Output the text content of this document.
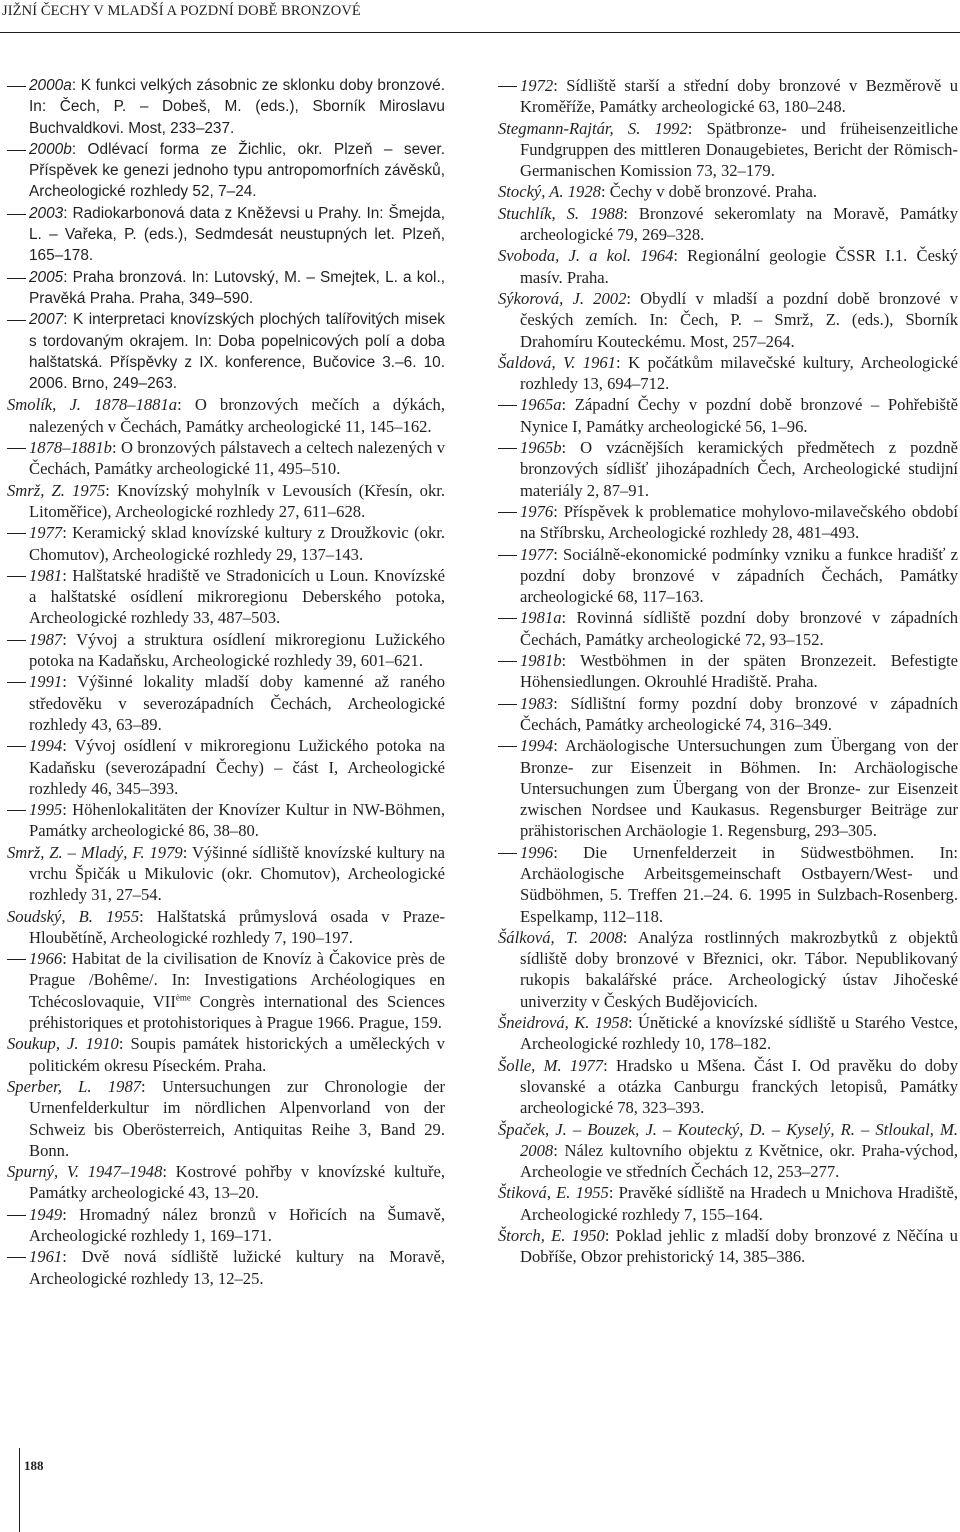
JIŽNÍ ČECHY V MLADŠÍ A POZDNÍ DOBĚ BRONZOVÉ

2000a: K funkci velkých zásobnic ze sklonku doby bronzové. In: Čech, P. – Dobeš, M. (eds.), Sborník Miroslavu Buchvaldkovi. Most, 233–237.

2000b: Odlévací forma ze Žichlic, okr. Plzeň – sever. Příspěvek ke genezi jednoho typu antropomorfních závěsků, Archeologické rozhledy 52, 7–24.

2003: Radiokarbonová data z Kněževsi u Prahy. In: Šmejda, L. – Vařeka, P. (eds.), Sedmdesát neustupných let. Plzeň, 165–178.

2005: Praha bronzová. In: Lutovský, M. – Smejtek, L. a kol., Pravěká Praha. Praha, 349–590.

2007: K interpretaci knovízských plochých talířovitých misek s tordovaným okrajem. In: Doba popelnicových polí a doba halštatská. Příspěvky z IX. konference, Bučovice 3.–6. 10. 2006. Brno, 249–263.

Smolík, J. 1878–1881a: O bronzových mečích a dýkách, nalezených v Čechách, Památky archeologické 11, 145–162.

1878–1881b: O bronzových pálstavech a celtech nalezených v Čechách, Památky archeologické 11, 495–510.

Smrž, Z. 1975: Knovízský mohylník v Levousích (Křesín, okr. Litoměřice), Archeologické rozhledy 27, 611–628.

1977: Keramický sklad knovízské kultury z Droužkovic (okr. Chomutov), Archeologické rozhledy 29, 137–143.

1981: Halštatské hradiště ve Stradonicích u Loun. Knovízské a halštatské osídlení mikroregionu Deberského potoka, Archeologické rozhledy 33, 487–503.

1987: Vývoj a struktura osídlení mikroregionu Lužického potoka na Kadaňsku, Archeologické rozhledy 39, 601–621.

1991: Výšinné lokality mladší doby kamenné až raného středověku v severozápadních Čechách, Archeologické rozhledy 43, 63–89.

1994: Vývoj osídlení v mikroregionu Lužického potoka na Kadaňsku (severozápadní Čechy) – část I, Archeologické rozhledy 46, 345–393.

1995: Höhenlokalitäten der Knovízer Kultur in NW-Böhmen, Památky archeologické 86, 38–80.

Smrž, Z. – Mladý, F. 1979: Výšinné sídliště knovízské kultury na vrchu Špičák u Mikulovic (okr. Chomutov), Archeologické rozhledy 31, 27–54.

Soudský, B. 1955: Halštatská průmyslová osada v Praze-Hloubětíně, Archeologické rozhledy 7, 190–197.

1966: Habitat de la civilisation de Knovíz à Čakovice près de Prague /Bohême/. In: Investigations Archéologiques en Tchécoslovaquie, VIIème Congrès international des Sciences préhistoriques et protohistoriques à Prague 1966. Prague, 159.

Soukup, J. 1910: Soupis památek historických a uměleckých v politickém okresu Píseckém. Praha.

Sperber, L. 1987: Untersuchungen zur Chronologie der Urnenfelderkultur im nördlichen Alpenvorland von der Schweiz bis Oberösterreich, Antiquitas Reihe 3, Band 29. Bonn.

Spurný, V. 1947–1948: Kostrové pohřby v knovízské kultuře, Památky archeologické 43, 13–20.

1949: Hromadný nález bronzů v Hořicích na Šumavě, Archeologické rozhledy 1, 169–171.

1961: Dvě nová sídliště lužické kultury na Moravě, Archeologické rozhledy 13, 12–25.

1972: Sídliště starší a střední doby bronzové v Bezměrově u Kroměříže, Památky archeologické 63, 180–248.

Stegmann-Rajtár, S. 1992: Spätbronze- und früheisenzeitliche Fundgruppen des mittleren Donaugebietes, Bericht der Römisch-Germanischen Komission 73, 32–179.

Stocký, A. 1928: Čechy v době bronzové. Praha.

Stuchlík, S. 1988: Bronzové sekeromlaty na Moravě, Památky archeologické 79, 269–328.

Svoboda, J. a kol. 1964: Regionální geologie ČSSR I.1. Český masív. Praha.

Sýkorová, J. 2002: Obydlí v mladší a pozdní době bronzové v českých zemích. In: Čech, P. – Smrž, Z. (eds.), Sborník Drahomíru Kouteckému. Most, 257–264.

Šaldová, V. 1961: K počátkům milavečské kultury, Archeologické rozhledy 13, 694–712.

1965a: Západní Čechy v pozdní době bronzové – Pohřebiště Nynice I, Památky archeologické 56, 1–96.

1965b: O vzácnějších keramických předmětech z pozdně bronzových sídlišť jihozápadních Čech, Archeologické studijní materiály 2, 87–91.

1976: Příspěvek k problematice mohylovo-milavečského období na Stříbrsku, Archeologické rozhledy 28, 481–493.

1977: Sociálně-ekonomické podmínky vzniku a funkce hradišť z pozdní doby bronzové v západních Čechách, Památky archeologické 68, 117–163.

1981a: Rovinná sídliště pozdní doby bronzové v západních Čechách, Památky archeologické 72, 93–152.

1981b: Westböhmen in der späten Bronzezeit. Befestigte Höhensiedlungen. Okrouhlé Hradiště. Praha.

1983: Sídlištní formy pozdní doby bronzové v západních Čechách, Památky archeologické 74, 316–349.

1994: Archäologische Untersuchungen zum Übergang von der Bronze- zur Eisenzeit in Böhmen. In: Archäologische Untersuchungen zum Übergang von der Bronze- zur Eisenzeit zwischen Nordsee und Kaukasus. Regensburger Beiträge zur prähistorischen Archäologie 1. Regensburg, 293–305.

1996: Die Urnenfelderzeit in Südwestböhmen. In: Archäologische Arbeitsgemeinschaft Ostbayern/West- und Südböhmen, 5. Treffen 21.–24. 6. 1995 in Sulzbach-Rosenberg. Espelkamp, 112–118.

Šálková, T. 2008: Analýza rostlinných makrozbytků z objektů sídliště doby bronzové v Březnici, okr. Tábor. Nepublikovaný rukopis bakalářské práce. Archeologický ústav Jihočeské univerzity v Českých Budějovicích.

Šneidrová, K. 1958: Únětické a knovízské sídliště u Starého Vestce, Archeologické rozhledy 10, 178–182.

Šolle, M. 1977: Hradsko u Mšena. Část I. Od pravěku do doby slovanské a otázka Canburgu franckých letopisů, Památky archeologické 78, 323–393.

Špaček, J. – Bouzek, J. – Koutecký, D. – Kyselý, R. – Stloukal, M. 2008: Nález kultovního objektu z Květnice, okr. Praha-východ, Archeologie ve středních Čechách 12, 253–277.

Štiková, E. 1955: Pravěké sídliště na Hradech u Mnichova Hradiště, Archeologické rozhledy 7, 155–164.

Štorch, E. 1950: Poklad jehlic z mladší doby bronzové z Něčína u Dobříše, Obzor prehistorický 14, 385–386.

188
